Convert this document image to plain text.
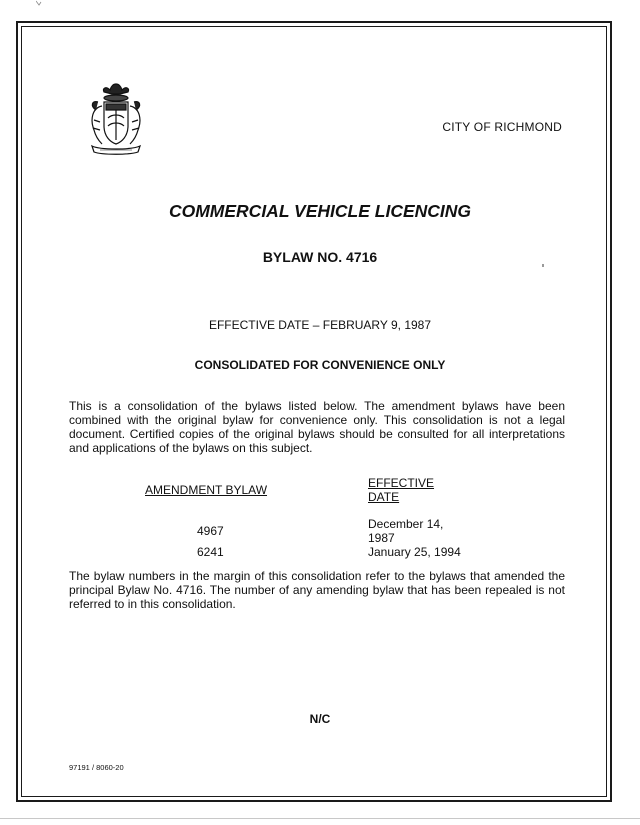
CITY OF RICHMOND
COMMERCIAL VEHICLE LICENCING
BYLAW NO. 4716
EFFECTIVE DATE – FEBRUARY 9, 1987
CONSOLIDATED FOR CONVENIENCE ONLY
This is a consolidation of the bylaws listed below. The amendment bylaws have been combined with the original bylaw for convenience only. This consolidation is not a legal document. Certified copies of the original bylaws should be consulted for all interpretations and applications of the bylaws on this subject.
AMENDMENT BYLAW	EFFECTIVE DATE
4967	December 14, 1987
6241	January 25, 1994
The bylaw numbers in the margin of this consolidation refer to the bylaws that amended the principal Bylaw No. 4716. The number of any amending bylaw that has been repealed is not referred to in this consolidation.
N/C
97191 / 8060-20
